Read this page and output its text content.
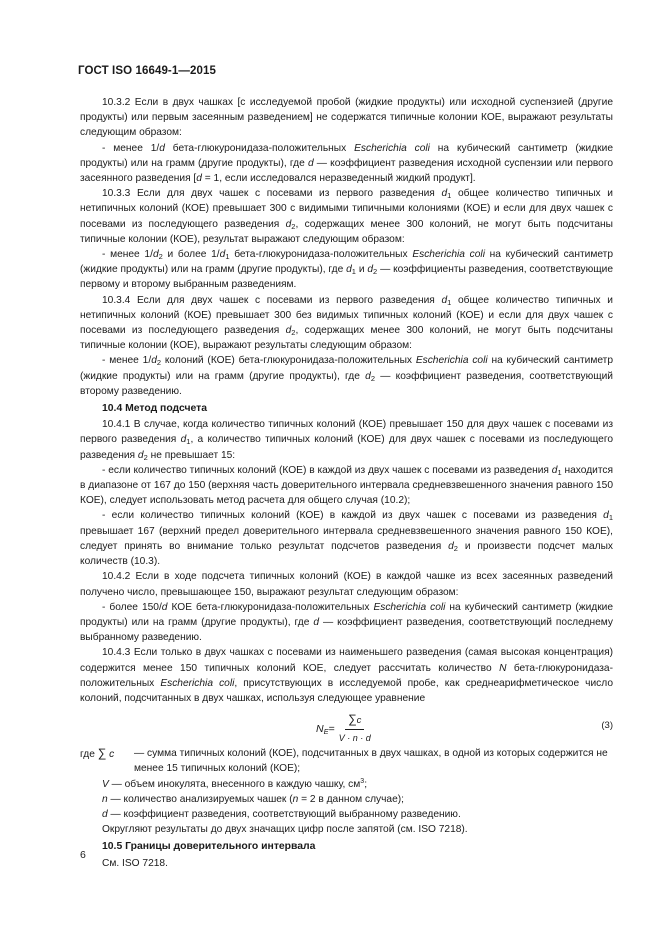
ГОСТ ISO 16649-1—2015

10.3.2 Если в двух чашках [с исследуемой пробой (жидкие продукты) или исходной суспензией (другие продукты) или первым засеянным разведением] не содержатся типичные колонии КОЕ, выражают результаты следующим образом:

- менее 1/d бета-глюкуронидаза-положительных Escherichia coli на кубический сантиметр (жидкие продукты) или на грамм (другие продукты), где d — коэффициент разведения исходной суспензии или первого засеянного разведения [d = 1, если исследовался неразведенный жидкий продукт].

10.3.3 Если для двух чашек с посевами из первого разведения $d_1$ общее количество типичных и нетипичных колоний (КОЕ) превышает 300 с видимыми типичными колониями (КОЕ) и если для двух чашек с посевами из последующего разведения $d_2$, содержащих менее 300 колоний, не могут быть подсчитаны типичные колонии (КОЕ), результат выражают следующим образом:

- менее $1/d_2$ и более $1/d_1$ бета-глюкуронидаза-положительных Escherichia coli на кубический сантиметр (жидкие продукты) или на грамм (другие продукты), где $d_1$ и $d_2$ — коэффициенты разведения, соответствующие первому и второму выбранным разведениям.

10.3.4 Если для двух чашек с посевами из первого разведения $d_1$ общее количество типичных и нетипичных колоний (КОЕ) превышает 300 без видимых типичных колоний (КОЕ) и если для двух чашек с посевами из последующего разведения $d_2$, содержащих менее 300 колоний, не могут быть подсчитаны типичные колонии (КОЕ), выражают результаты следующим образом:

- менее $1/d_2$ колоний (КОЕ) бета-глюкуронидаза-положительных Escherichia coli на кубический сантиметр (жидкие продукты) или на грамм (другие продукты), где $d_2$ — коэффициент разведения, соответствующий второму разведению.

10.4 Метод подсчета

10.4.1 В случае, когда количество типичных колоний (КОЕ) превышает 150 для двух чашек с посевами из первого разведения $d_1$, а количество типичных колоний (КОЕ) для двух чашек с посевами из последующего разведения $d_2$ не превышает 15:

- если количество типичных колоний (КОЕ) в каждой из двух чашек с посевами из разведения $d_1$ находится в диапазоне от 167 до 150 (верхняя часть доверительного интервала средневзвешенного значения равного 150 КОЕ), следует использовать метод расчета для общего случая (10.2);

- если количество типичных колоний (КОЕ) в каждой из двух чашек с посевами из разведения $d_1$ превышает 167 (верхний предел доверительного интервала средневзвешенного значения равного 150 КОЕ), следует принять во внимание только результат подсчетов разведения $d_2$ и произвести подсчет малых количеств (10.3).

10.4.2 Если в ходе подсчета типичных колоний (КОЕ) в каждой чашке из всех засеянных разведений получено число, превышающее 150, выражают результат следующим образом:

- более 150/d КОЕ бета-глюкуронидаза-положительных Escherichia coli на кубический сантиметр (жидкие продукты) или на грамм (другие продукты), где d — коэффициент разведения, соответствующий последнему выбранному разведению.

10.4.3 Если только в двух чашках с посевами из наименьшего разведения (самая высокая концентрация) содержится менее 150 типичных колоний КОЕ, следует рассчитать количество N бета-глюкуронидаза-положительных Escherichia coli, присутствующих в исследуемой пробе, как среднеарифметическое число колоний, подсчитанных в двух чашках, используя следующее уравнение

$N_E = \frac{\sum c}{V \cdot n \cdot d}$	(3)
где ∑ c	— сумма типичных колоний (КОЕ), подсчитанных в двух чашках, в одной из которых содержится не менее 15 типичных колоний (КОЕ);

V — объем инокулята, внесенного в каждую чашку, $см^3$;

n — количество анализируемых чашек (n = 2 в данном случае);

d — коэффициент разведения, соответствующий выбранному разведению.

Округляют результаты до двух значащих цифр после запятой (см. ISO 7218).

10.5 Границы доверительного интервала

См. ISO 7218.

6
